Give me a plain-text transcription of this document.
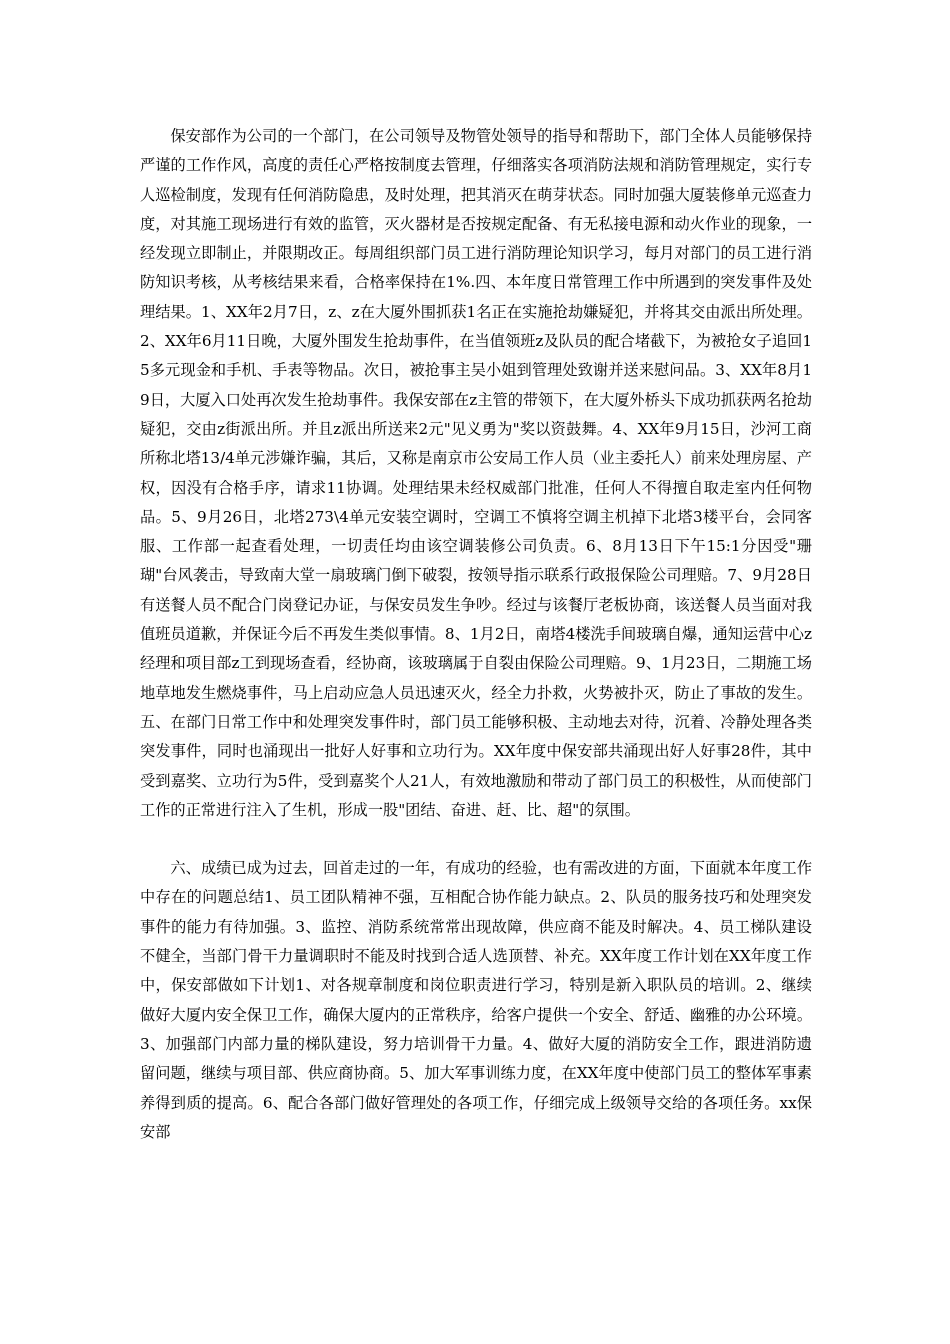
保安部作为公司的一个部门，在公司领导及物管处领导的指导和帮助下，部门全体人员能够保持严谨的工作作风，高度的责任心严格按制度去管理，仔细落实各项消防法规和消防管理规定，实行专人巡检制度，发现有任何消防隐患，及时处理，把其消灭在萌芽状态。同时加强大厦装修单元巡查力度，对其施工现场进行有效的监管，灭火器材是否按规定配备、有无私接电源和动火作业的现象，一经发现立即制止，并限期改正。每周组织部门员工进行消防理论知识学习，每月对部门的员工进行消防知识考核，从考核结果来看，合格率保持在1%.四、本年度日常管理工作中所遇到的突发事件及处理结果。1、XX年2月7日，z、z在大厦外围抓获1名正在实施抢劫嫌疑犯，并将其交由派出所处理。2、XX年6月11日晚，大厦外围发生抢劫事件，在当值领班z及队员的配合堵截下，为被抢女子追回15多元现金和手机、手表等物品。次日，被抢事主吴小姐到管理处致谢并送来慰问品。3、XX年8月19日，大厦入口处再次发生抢劫事件。我保安部在z主管的带领下，在大厦外桥头下成功抓获两名抢劫疑犯，交由z街派出所。并且z派出所送来2元"见义勇为"奖以资鼓舞。4、XX年9月15日，沙河工商所称北塔13/4单元涉嫌诈骗，其后，又称是南京市公安局工作人员（业主委托人）前来处理房屋、产权，因没有合格手序，请求11协调。处理结果未经权威部门批准，任何人不得擅自取走室内任何物品。5、9月26日，北塔273\4单元安装空调时，空调工不慎将空调主机掉下北塔3楼平台，会同客服、工作部一起查看处理，一切责任均由该空调装修公司负责。6、8月13日下午15:1分因受"珊瑚"台风袭击，导致南大堂一扇玻璃门倒下破裂，按领导指示联系行政报保险公司理赔。7、9月28日有送餐人员不配合门岗登记办证，与保安员发生争吵。经过与该餐厅老板协商，该送餐人员当面对我值班员道歉，并保证今后不再发生类似事情。8、1月2日，南塔4楼洗手间玻璃自爆，通知运营中心z经理和项目部z工到现场查看，经协商，该玻璃属于自裂由保险公司理赔。9、1月23日，二期施工场地草地发生燃烧事件，马上启动应急人员迅速灭火，经全力扑救，火势被扑灭，防止了事故的发生。五、在部门日常工作中和处理突发事件时，部门员工能够积极、主动地去对待，沉着、冷静处理各类突发事件，同时也涌现出一批好人好事和立功行为。XX年度中保安部共涌现出好人好事28件，其中受到嘉奖、立功行为5件，受到嘉奖个人21人，有效地激励和带动了部门员工的积极性，从而使部门工作的正常进行注入了生机，形成一股"团结、奋进、赶、比、超"的氛围。

六、成绩已成为过去，回首走过的一年，有成功的经验，也有需改进的方面，下面就本年度工作中存在的问题总结1、员工团队精神不强，互相配合协作能力缺点。2、队员的服务技巧和处理突发事件的能力有待加强。3、监控、消防系统常常出现故障，供应商不能及时解决。4、员工梯队建设不健全，当部门骨干力量调职时不能及时找到合适人选顶替、补充。XX年度工作计划在XX年度工作中，保安部做如下计划1、对各规章制度和岗位职责进行学习，特别是新入职队员的培训。2、继续做好大厦内安全保卫工作，确保大厦内的正常秩序，给客户提供一个安全、舒适、幽雅的办公环境。3、加强部门内部力量的梯队建设，努力培训骨干力量。4、做好大厦的消防安全工作，跟进消防遗留问题，继续与项目部、供应商协商。5、加大军事训练力度，在XX年度中使部门员工的整体军事素养得到质的提高。6、配合各部门做好管理处的各项工作，仔细完成上级领导交给的各项任务。xx保安部
